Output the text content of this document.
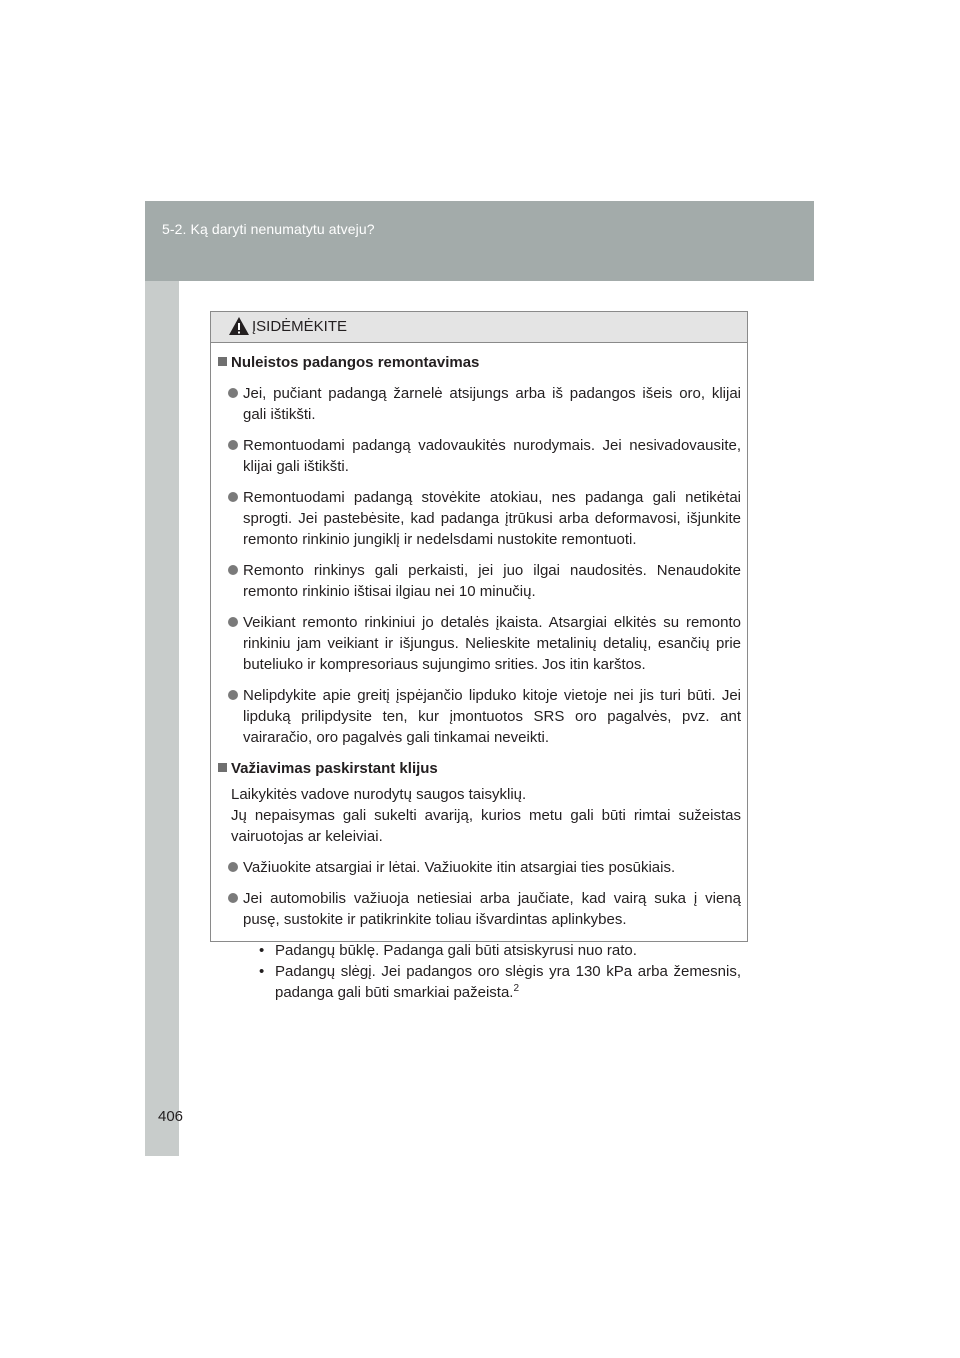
5-2. Ką daryti nenumatytu atveju?
ĮSIDĖMĖKITE
Nuleistos padangos remontavimas
Jei, pučiant padangą žarnelė atsijungs arba iš padangos išeis oro, klijai gali ištikšti.
Remontuodami padangą vadovaukitės nurodymais. Jei nesivadovausite, klijai gali ištikšti.
Remontuodami padangą stovėkite atokiau, nes padanga gali netikėtai sprogti. Jei pastebėsite, kad padanga įtrūkusi arba deformavosi, išjunkite remonto rinkinio jungiklį ir nedelsdami nustokite remontuoti.
Remonto rinkinys gali perkaisti, jei juo ilgai naudositės. Nenaudokite remonto rinkinio ištisai ilgiau nei 10 minučių.
Veikiant remonto rinkiniui jo detalės įkaista. Atsargiai elkitės su remonto rinkiniu jam veikiant ir išjungus. Nelieskite metalinių detalių, esančių prie buteliuko ir kompresoriaus sujungimo srities. Jos itin karštos.
Nelipdykite apie greitį įspėjančio lipduko kitoje vietoje nei jis turi būti. Jei lipduką prilipdysite ten, kur įmontuotos SRS oro pagalvės, pvz. ant vairaračio, oro pagalvės gali tinkamai neveikti.
Važiavimas paskirstant klijus
Laikykitės vadove nurodytų saugos taisyklių.
Jų nepaisymas gali sukelti avariją, kurios metu gali būti rimtai sužeistas vairuotojas ar keleiviai.
Važiuokite atsargiai ir lėtai. Važiuokite itin atsargiai ties posūkiais.
Jei automobilis važiuoja netiesiai arba jaučiate, kad vairą suka į vieną pusę, sustokite ir patikrinkite toliau išvardintas aplinkybes.
• Padangų būklę. Padanga gali būti atsiskyrusi nuo rato.
• Padangų slėgį. Jei padangos oro slėgis yra 130 kPa arba žemesnis, padanga gali būti smarkiai pažeista.$^2$
406
